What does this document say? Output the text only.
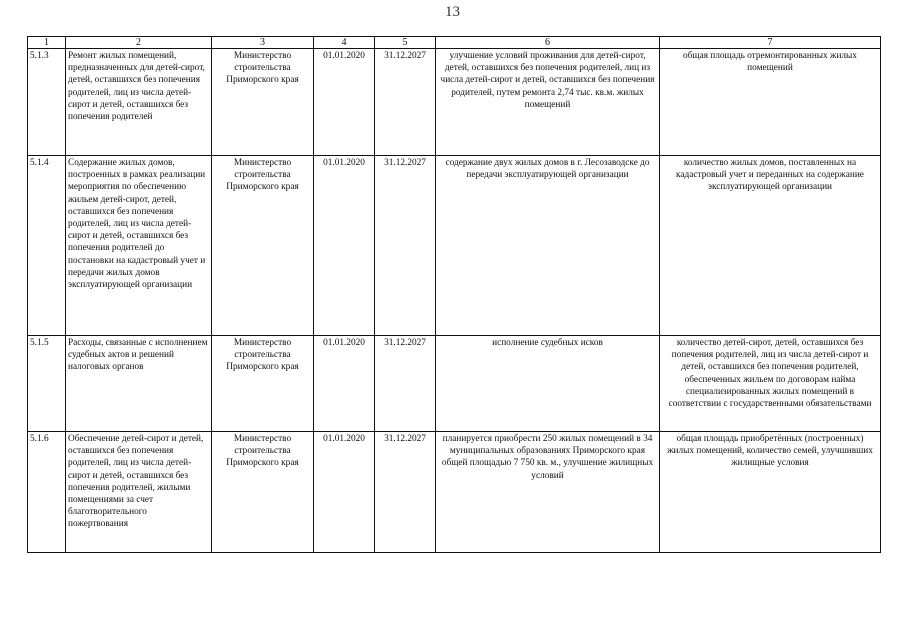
13
1	2	3	4	5	6	7
5.1.3	Ремонт жилых помещений, предназначенных для детей-сирот, детей, оставшихся без попечения родителей, лиц из числа детей-сирот и детей, оставшихся без попечения родителей	Министерство строительства Приморского края	01.01.2020	31.12.2027	улучшение условий проживания для детей-сирот, детей, оставшихся без попечения родителей, лиц из числа детей-сирот и детей, оставшихся без попечения родителей, путем ремонта 2,74 тыс. кв.м. жилых помещений	общая площадь отремонтированных жилых помещений
5.1.4	Содержание жилых домов, построенных в рамках реализации мероприятия по обеспечению жильем детей-сирот, детей, оставшихся без попечения родителей, лиц из числа детей-сирот и детей, оставшихся без попечения родителей до постановки на кадастровый учет и передачи жилых домов эксплуатирующей организации	Министерство строительства Приморского края	01.01.2020	31.12.2027	содержание двух жилых домов в г. Лесозаводске до передачи эксплуатирующей организации	количество жилых домов, поставленных на кадастровый учет и переданных на содержание эксплуатирующей организации
5.1.5	Расходы, связанные с исполнением судебных актов и решений налоговых органов	Министерство строительства Приморского края	01.01.2020	31.12.2027	исполнение судебных исков	количество детей-сирот, детей, оставшихся без попечения родителей, лиц из числа детей-сирот и детей, оставшихся без попечения родителей, обеспеченных жильем по договорам найма специализированных жилых помещений в соответствии с государственными обязательствами
5.1.6	Обеспечение детей-сирот и детей, оставшихся без попечения родителей, лиц из числа детей-сирот и детей, оставшихся без попечения родителей, жилыми помещениями за счет благотворительного пожертвования	Министерство строительства Приморского края	01.01.2020	31.12.2027	планируется приобрести 250 жилых помещений в 34 муниципальных образованиях Приморского края общей площадью 7 750 кв. м., улучшение жилищных условий	общая площадь приобретённых (построенных) жилых помещений, количество семей, улучшивших жилищные условия
